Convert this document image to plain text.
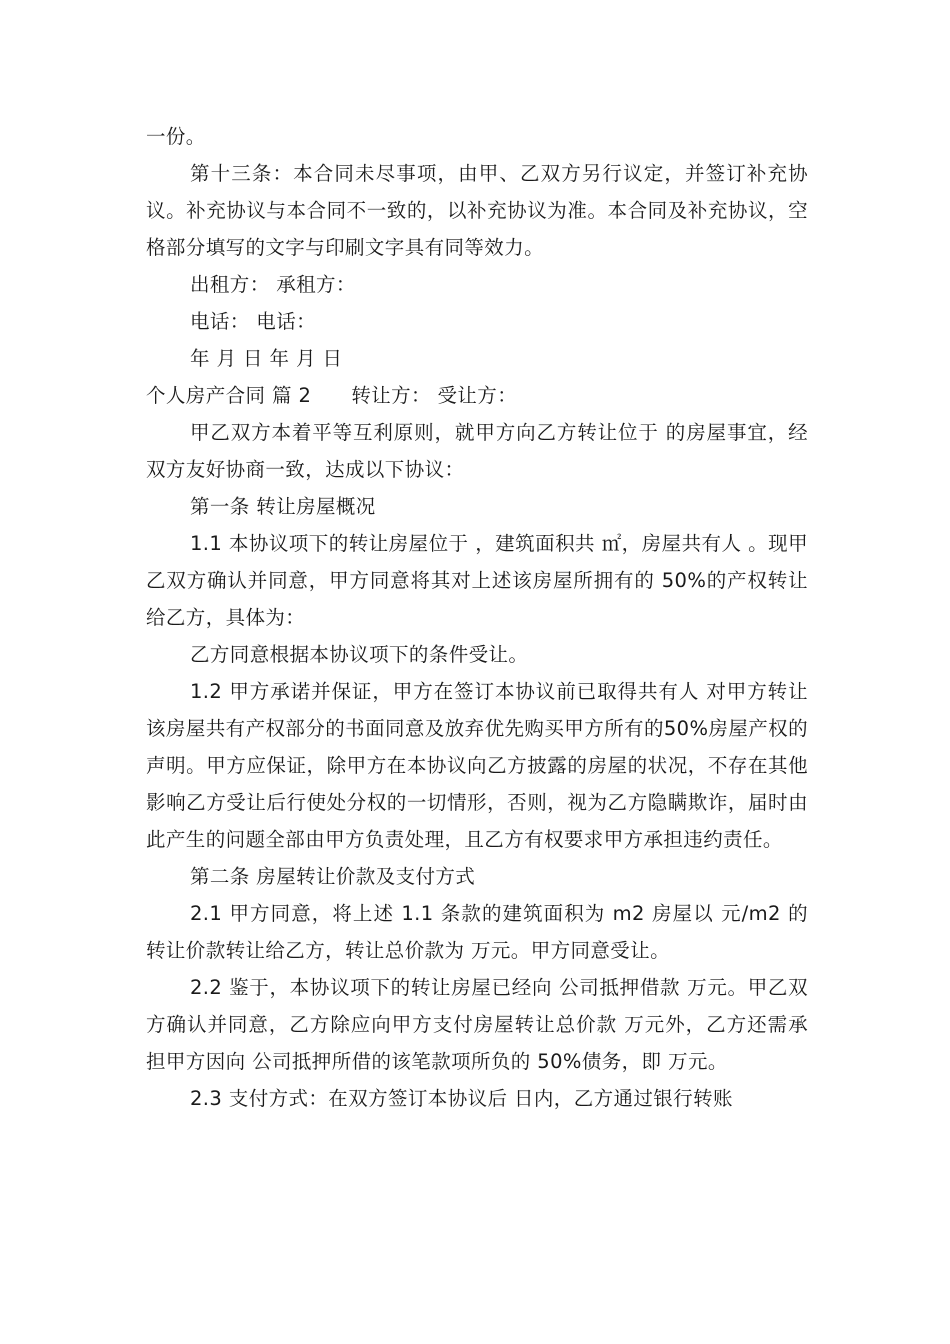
一份。

第十三条：本合同未尽事项，由甲、乙双方另行议定，并签订补充协议。补充协议与本合同不一致的，以补充协议为准。本合同及补充协议，空格部分填写的文字与印刷文字具有同等效力。

出租方： 承租方：

电话： 电话：

年 月 日 年 月 日

个人房产合同 篇 2 转让方： 受让方：

甲乙双方本着平等互利原则，就甲方向乙方转让位于 的房屋事宜，经双方友好协商一致，达成以下协议：

第一条 转让房屋概况

1.1 本协议项下的转让房屋位于 ，建筑面积共 ㎡，房屋共有人 。现甲乙双方确认并同意，甲方同意将其对上述该房屋所拥有的 50%的产权转让给乙方，具体为：

乙方同意根据本协议项下的条件受让。

1.2 甲方承诺并保证，甲方在签订本协议前已取得共有人 对甲方转让该房屋共有产权部分的书面同意及放弃优先购买甲方所有的50%房屋产权的声明。甲方应保证，除甲方在本协议向乙方披露的房屋的状况，不存在其他影响乙方受让后行使处分权的一切情形，否则，视为乙方隐瞒欺诈，届时由此产生的问题全部由甲方负责处理，且乙方有权要求甲方承担违约责任。

第二条 房屋转让价款及支付方式

2.1 甲方同意，将上述 1.1 条款的建筑面积为 m2 房屋以 元/m2 的转让价款转让给乙方，转让总价款为 万元。甲方同意受让。

2.2 鉴于，本协议项下的转让房屋已经向 公司抵押借款 万元。甲乙双方确认并同意，乙方除应向甲方支付房屋转让总价款 万元外，乙方还需承担甲方因向 公司抵押所借的该笔款项所负的 50%债务，即 万元。

2.3 支付方式：在双方签订本协议后 日内，乙方通过银行转账
